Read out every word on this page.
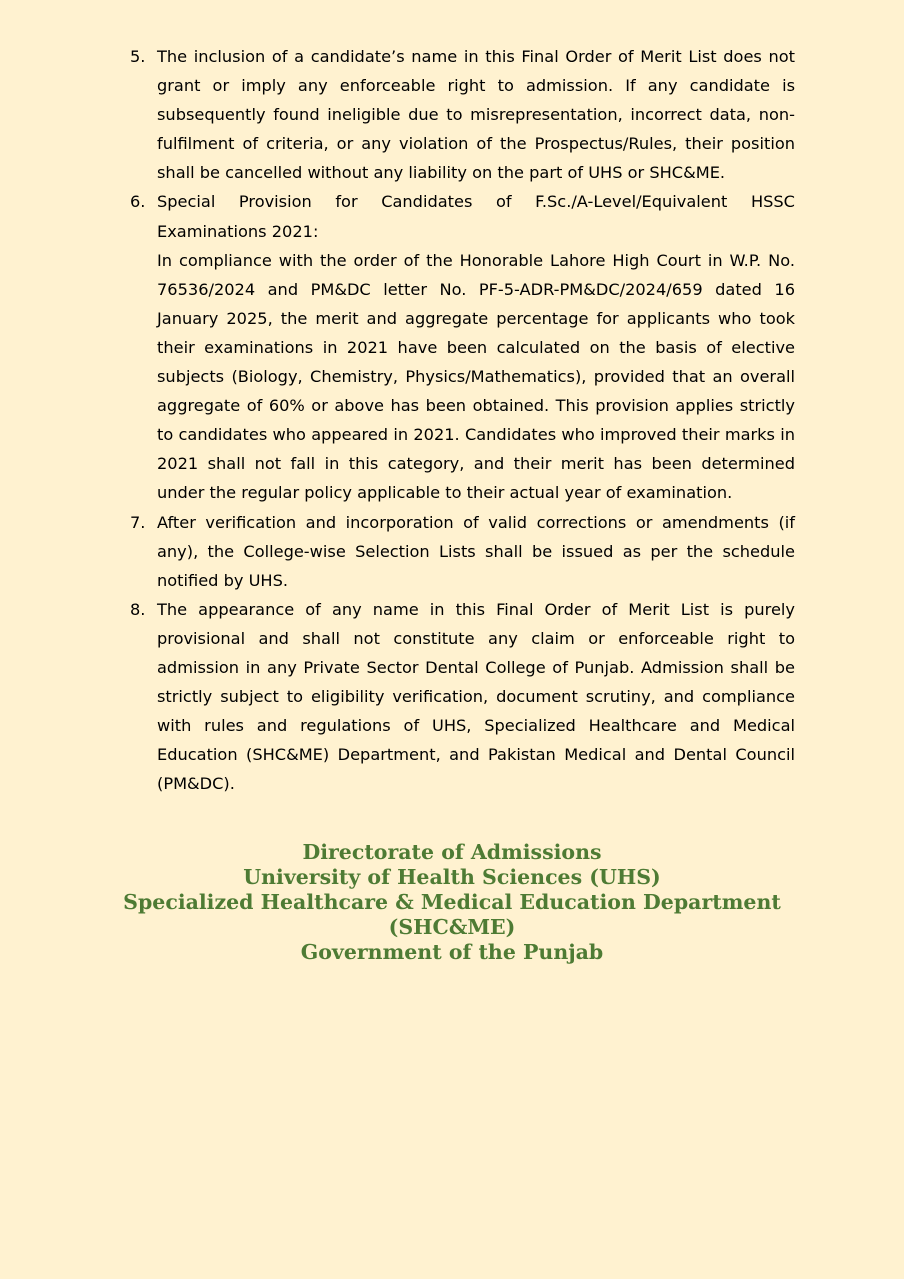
5. The inclusion of a candidate’s name in this Final Order of Merit List does not grant or imply any enforceable right to admission. If any candidate is subsequently found ineligible due to misrepresentation, incorrect data, non-fulfilment of criteria, or any violation of the Prospectus/Rules, their position shall be cancelled without any liability on the part of UHS or SHC&ME.

6. Special Provision for Candidates of F.Sc./A-Level/Equivalent HSSC Examinations 2021:

In compliance with the order of the Honorable Lahore High Court in W.P. No. 76536/2024 and PM&DC letter No. PF-5-ADR-PM&DC/2024/659 dated 16 January 2025, the merit and aggregate percentage for applicants who took their examinations in 2021 have been calculated on the basis of elective subjects (Biology, Chemistry, Physics/Mathematics), provided that an overall aggregate of 60% or above has been obtained. This provision applies strictly to candidates who appeared in 2021. Candidates who improved their marks in 2021 shall not fall in this category, and their merit has been determined under the regular policy applicable to their actual year of examination.

7. After verification and incorporation of valid corrections or amendments (if any), the College-wise Selection Lists shall be issued as per the schedule notified by UHS.

8. The appearance of any name in this Final Order of Merit List is purely provisional and shall not constitute any claim or enforceable right to admission in any Private Sector Dental College of Punjab. Admission shall be strictly subject to eligibility verification, document scrutiny, and compliance with rules and regulations of UHS, Specialized Healthcare and Medical Education (SHC&ME) Department, and Pakistan Medical and Dental Council (PM&DC).

Directorate of Admissions
University of Health Sciences (UHS)
Specialized Healthcare & Medical Education Department (SHC&ME)
Government of the Punjab
